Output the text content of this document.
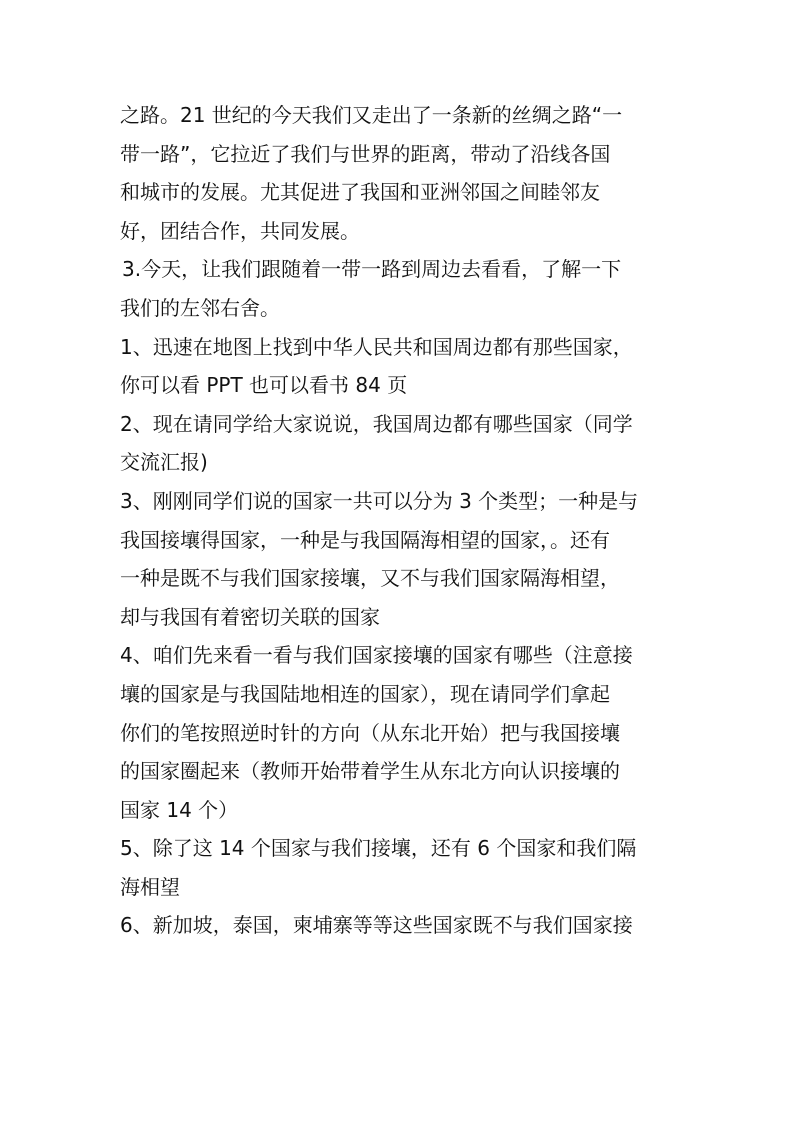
之路。21 世纪的今天我们又走出了一条新的丝绸之路“一
带一路”，它拉近了我们与世界的距离，带动了沿线各国
和城市的发展。尤其促进了我国和亚洲邻国之间睦邻友
好，团结合作，共同发展。
3.今天，让我们跟随着一带一路到周边去看看，了解一下
我们的左邻右舍。
1、迅速在地图上找到中华人民共和国周边都有那些国家，
你可以看 PPT 也可以看书 84 页
2、现在请同学给大家说说，我国周边都有哪些国家（同学
交流汇报)
3、刚刚同学们说的国家一共可以分为 3 个类型；一种是与
我国接壤得国家，一种是与我国隔海相望的国家，。还有
一种是既不与我们国家接壤，又不与我们国家隔海相望，
却与我国有着密切关联的国家
4、咱们先来看一看与我们国家接壤的国家有哪些（注意接
壤的国家是与我国陆地相连的国家），现在请同学们拿起
你们的笔按照逆时针的方向（从东北开始）把与我国接壤
的国家圈起来（教师开始带着学生从东北方向认识接壤的
国家 14 个）
5、除了这 14 个国家与我们接壤，还有 6 个国家和我们隔
海相望
6、新加坡，泰国，柬埔寨等等这些国家既不与我们国家接
